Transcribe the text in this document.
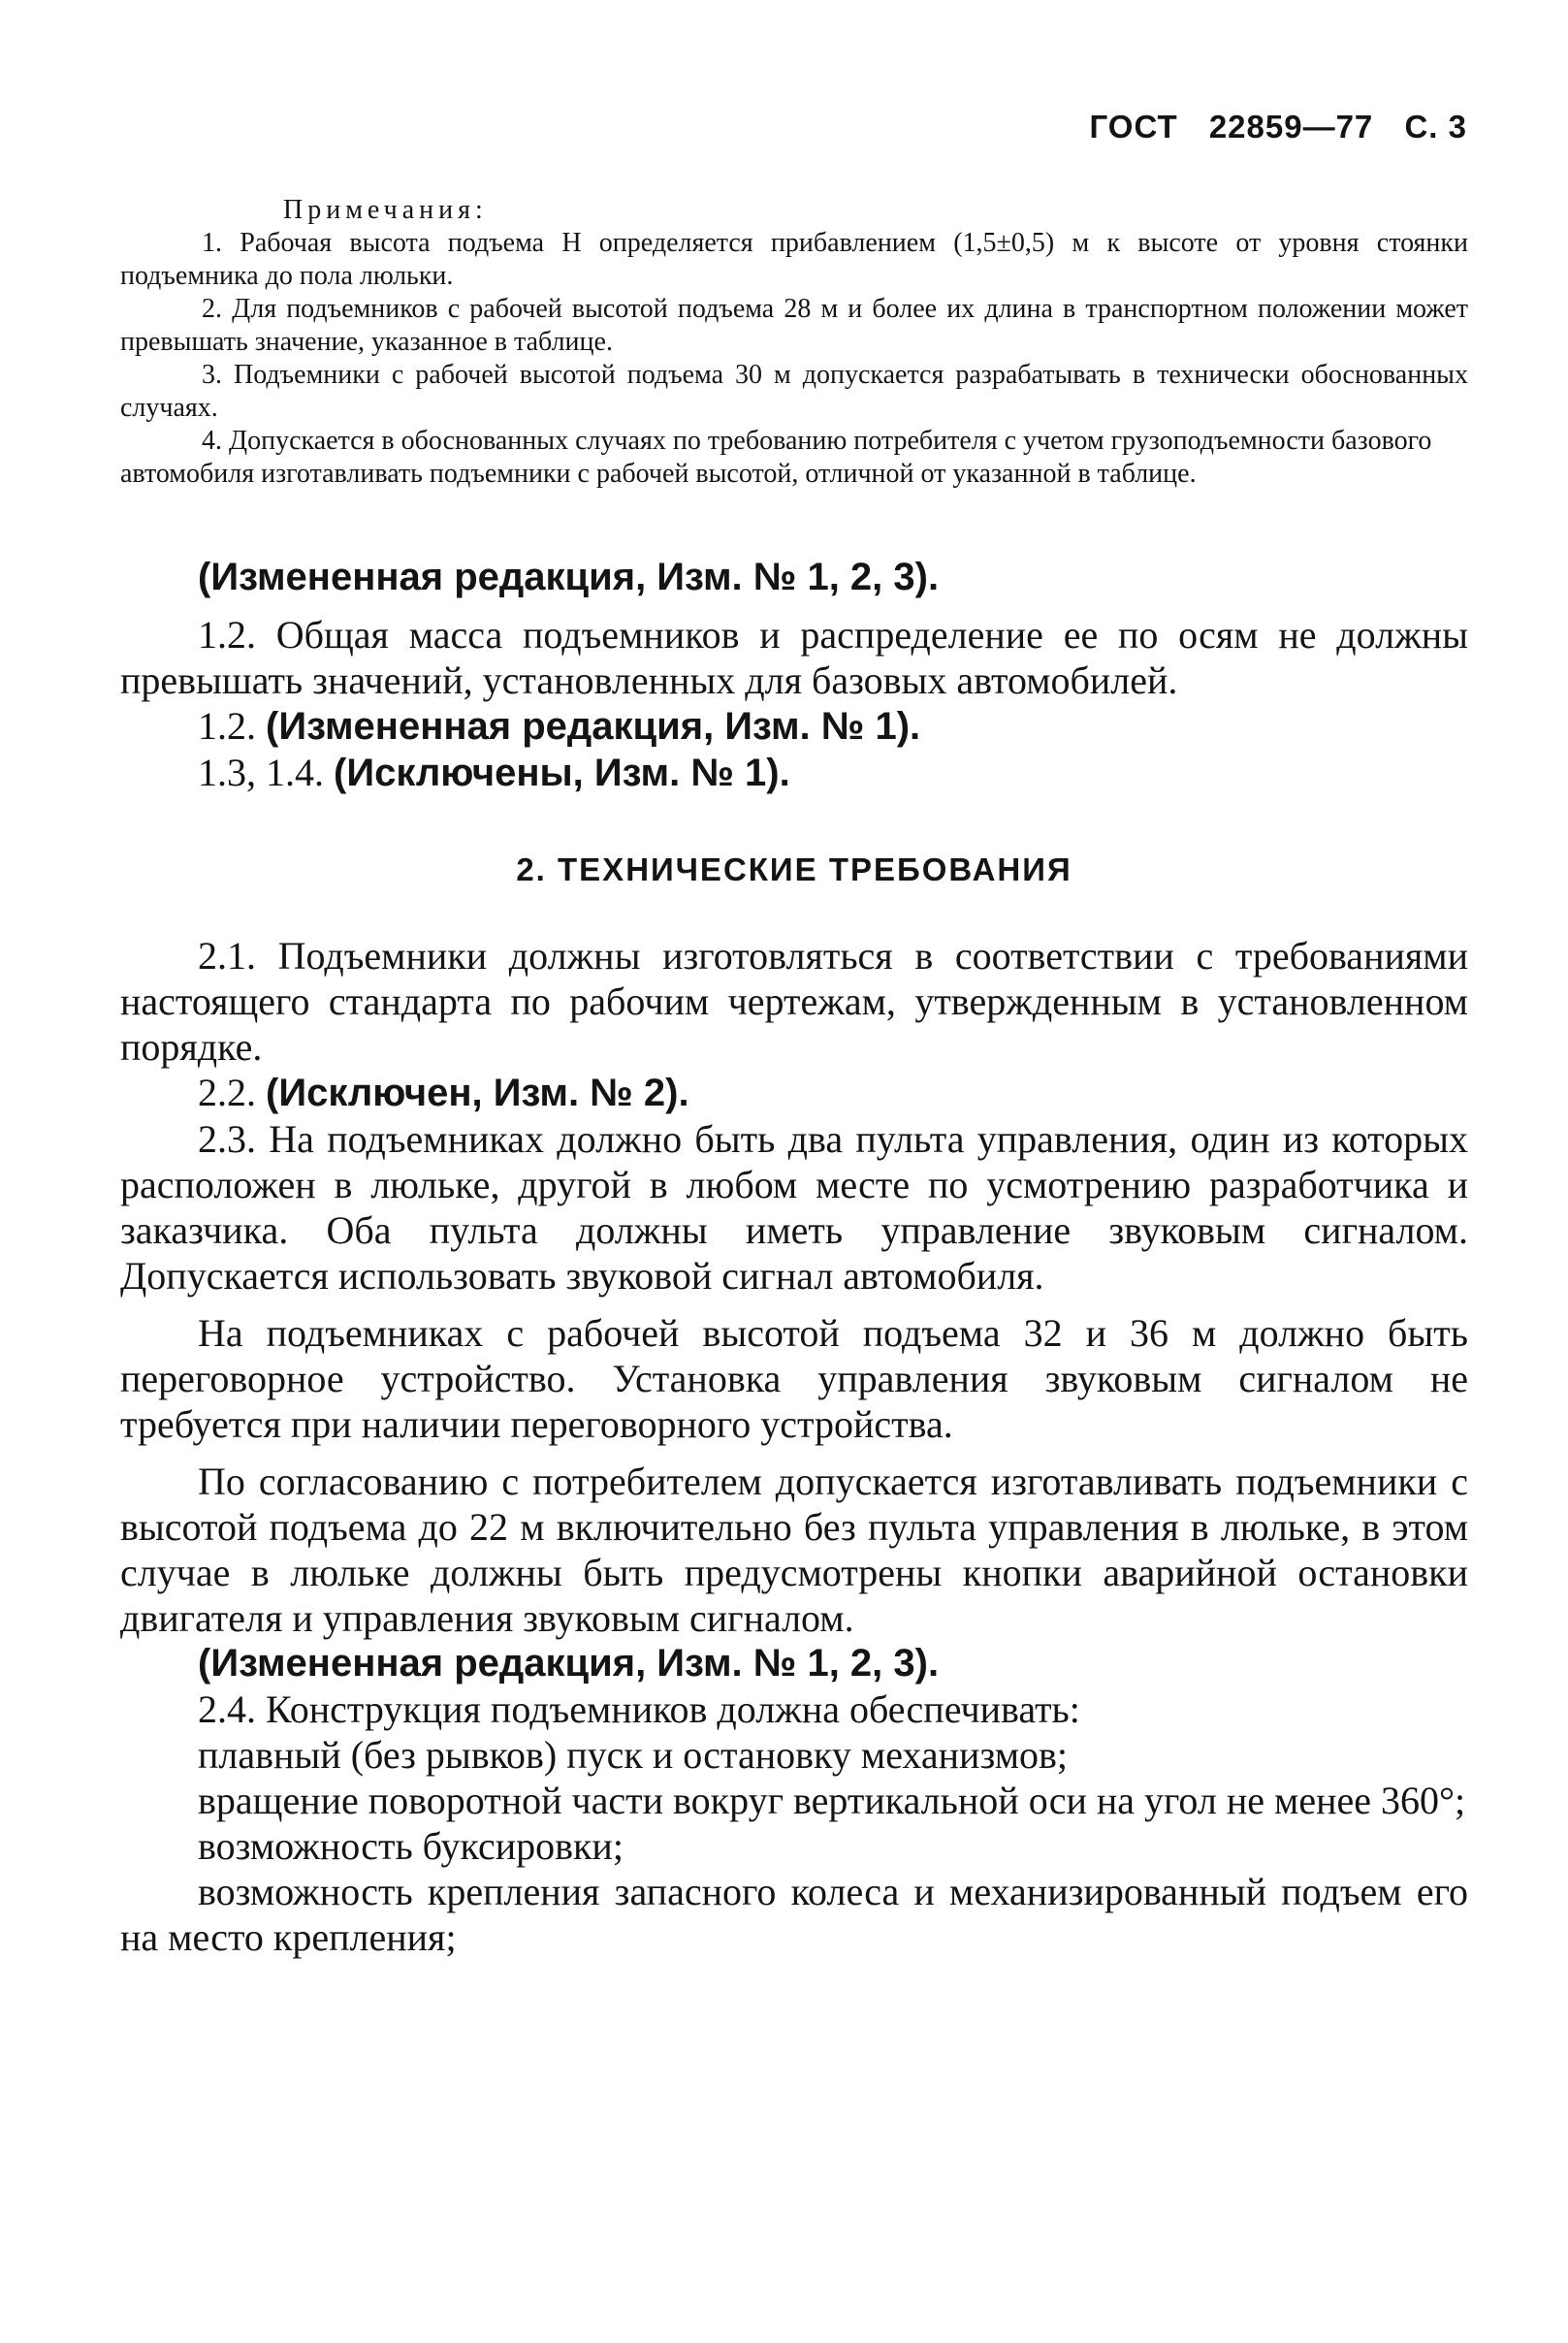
ГОСТ 22859—77 С. 3

Примечания:

1. Рабочая высота подъема Н определяется прибавлением (1,5±0,5) м к высоте от уровня стоянки подъемника до пола люльки.

2. Для подъемников с рабочей высотой подъема 28 м и более их длина в транспортном положении может превышать значение, указанное в таблице.

3. Подъемники с рабочей высотой подъема 30 м допускается разрабатывать в технически обоснованных случаях.

4. Допускается в обоснованных случаях по требованию потребителя с учетом грузоподъемности базового автомобиля изготавливать подъемники с рабочей высотой, отличной от указанной в таблице.

(Измененная редакция, Изм. № 1, 2, 3).

1.2. Общая масса подъемников и распределение ее по осям не должны превышать значений, установленных для базовых автомобилей.

1.2. (Измененная редакция, Изм. № 1).

1.3, 1.4. (Исключены, Изм. № 1).

2. ТЕХНИЧЕСКИЕ ТРЕБОВАНИЯ

2.1. Подъемники должны изготовляться в соответствии с требованиями настоящего стандарта по рабочим чертежам, утвержденным в установленном порядке.

2.2. (Исключен, Изм. № 2).

2.3. На подъемниках должно быть два пульта управления, один из которых расположен в люльке, другой в любом месте по усмотрению разработчика и заказчика. Оба пульта должны иметь управление звуковым сигналом. Допускается использовать звуковой сигнал автомобиля.

На подъемниках с рабочей высотой подъема 32 и 36 м должно быть переговорное устройство. Установка управления звуковым сигналом не требуется при наличии переговорного устройства.

По согласованию с потребителем допускается изготавливать подъемники с высотой подъема до 22 м включительно без пульта управления в люльке, в этом случае в люльке должны быть предусмотрены кнопки аварийной остановки двигателя и управления звуковым сигналом.

(Измененная редакция, Изм. № 1, 2, 3).

2.4. Конструкция подъемников должна обеспечивать:

плавный (без рывков) пуск и остановку механизмов;

вращение поворотной части вокруг вертикальной оси на угол не менее 360°;

возможность буксировки;

возможность крепления запасного колеса и механизированный подъем его на место крепления;
